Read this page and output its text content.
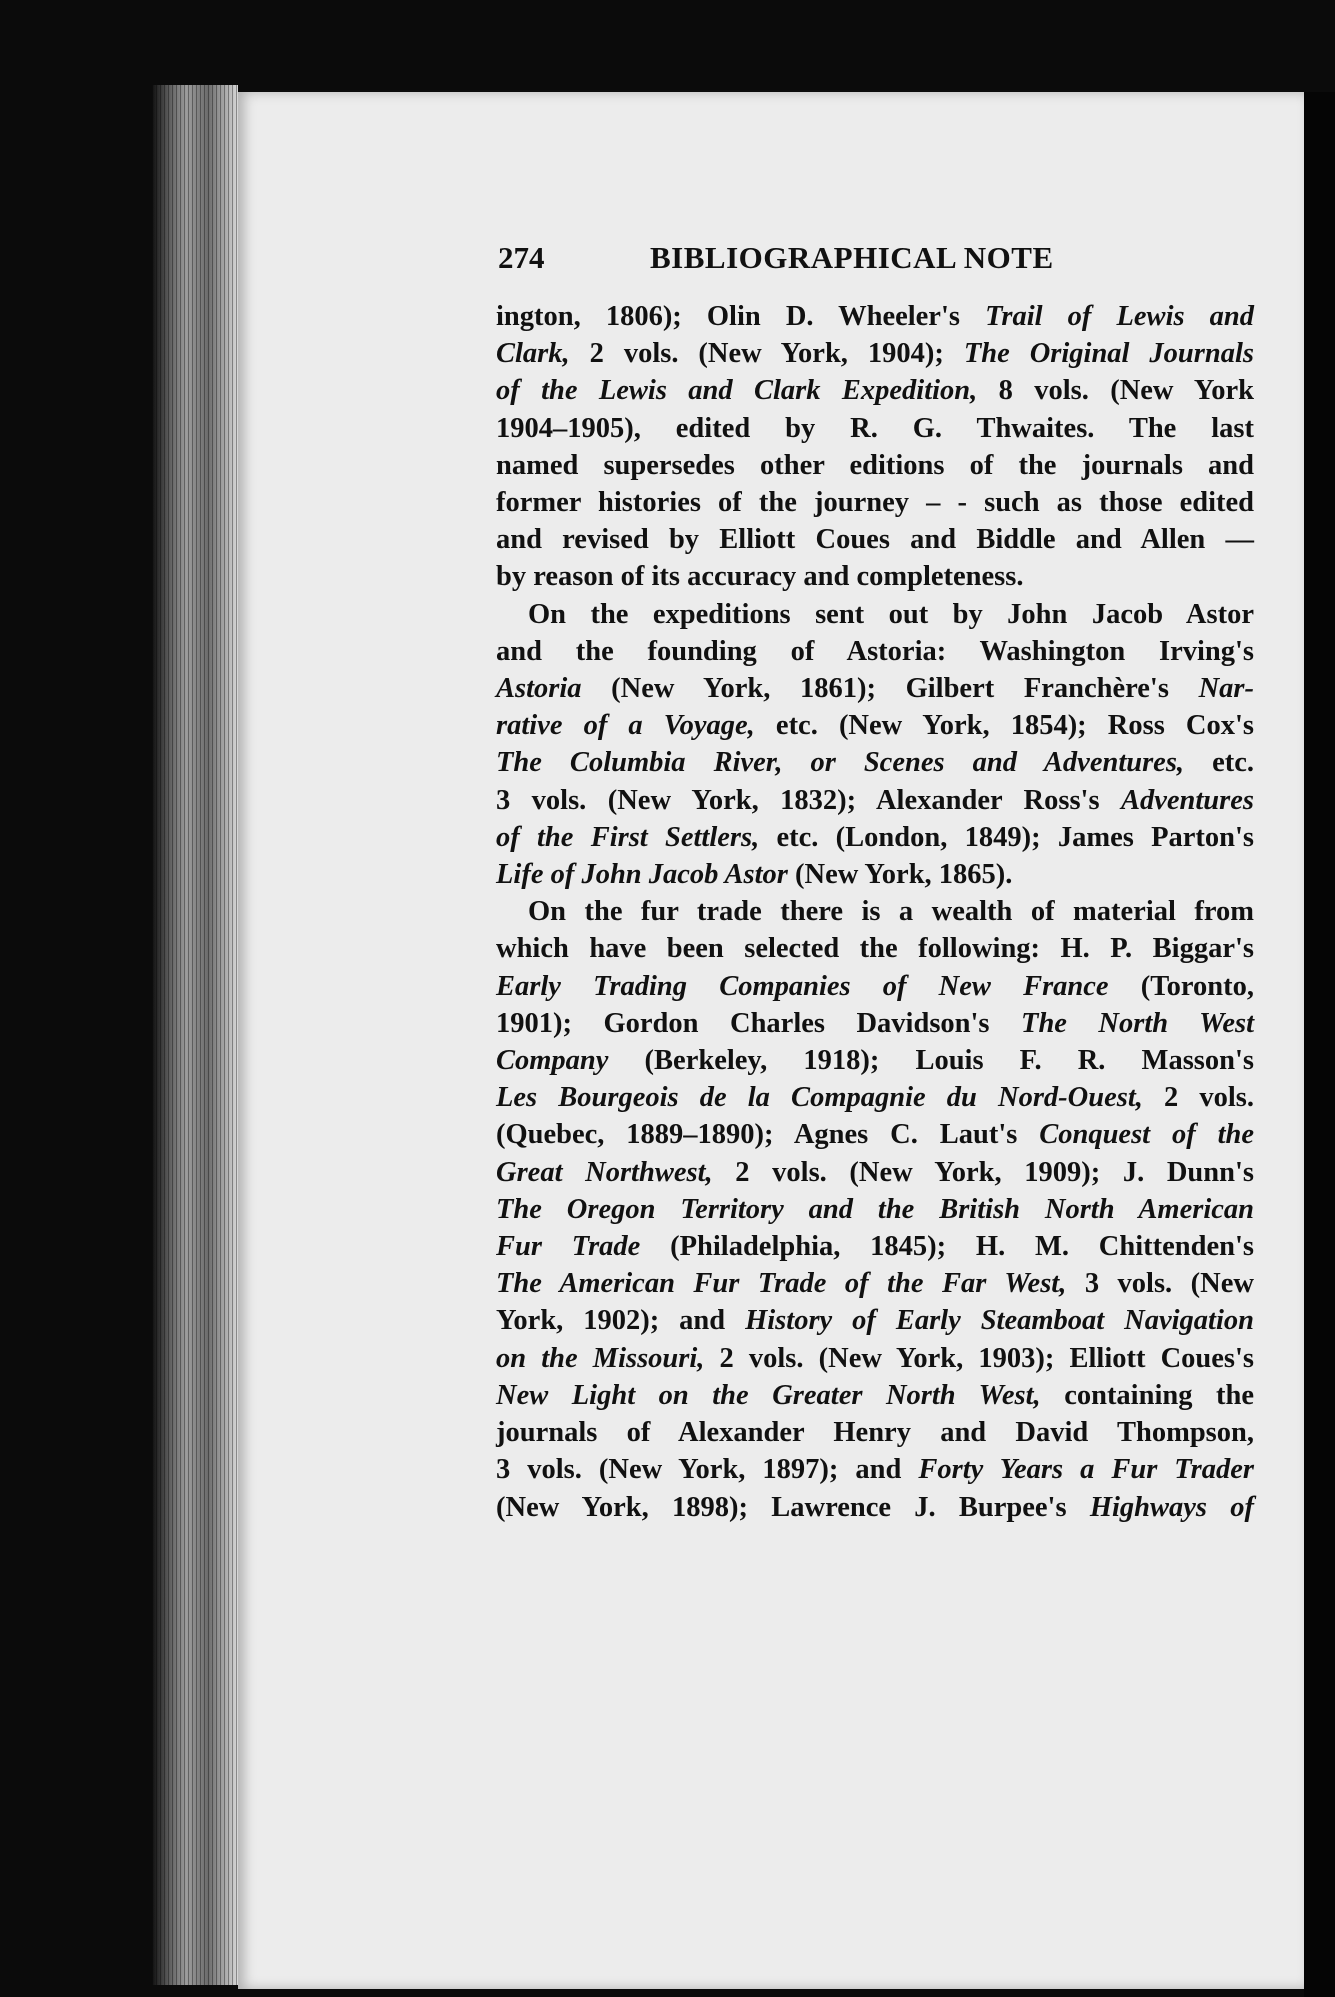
274	BIBLIOGRAPHICAL NOTE
ington, 1806); Olin D. Wheeler's Trail of Lewis and
Clark, 2 vols. (New York, 1904); The Original Journals
of the Lewis and Clark Expedition, 8 vols. (New York
1904–1905), edited by R. G. Thwaites. The last
named supersedes other editions of the journals and
former histories of the journey – - such as those edited
and revised by Elliott Coues and Biddle and Allen —
by reason of its accuracy and completeness.
On the expeditions sent out by John Jacob Astor
and the founding of Astoria: Washington Irving's
Astoria (New York, 1861); Gilbert Franchère's Nar-
rative of a Voyage, etc. (New York, 1854); Ross Cox's
The Columbia River, or Scenes and Adventures, etc.
3 vols. (New York, 1832); Alexander Ross's Adventures
of the First Settlers, etc. (London, 1849); James Parton's
Life of John Jacob Astor (New York, 1865).
On the fur trade there is a wealth of material from
which have been selected the following: H. P. Biggar's
Early Trading Companies of New France (Toronto,
1901); Gordon Charles Davidson's The North West
Company (Berkeley, 1918); Louis F. R. Masson's
Les Bourgeois de la Compagnie du Nord-Ouest, 2 vols.
(Quebec, 1889–1890); Agnes C. Laut's Conquest of the
Great Northwest, 2 vols. (New York, 1909); J. Dunn's
The Oregon Territory and the British North American
Fur Trade (Philadelphia, 1845); H. M. Chittenden's
The American Fur Trade of the Far West, 3 vols. (New
York, 1902); and History of Early Steamboat Navigation
on the Missouri, 2 vols. (New York, 1903); Elliott Coues's
New Light on the Greater North West, containing the
journals of Alexander Henry and David Thompson,
3 vols. (New York, 1897); and Forty Years a Fur Trader
(New York, 1898); Lawrence J. Burpee's Highways of
